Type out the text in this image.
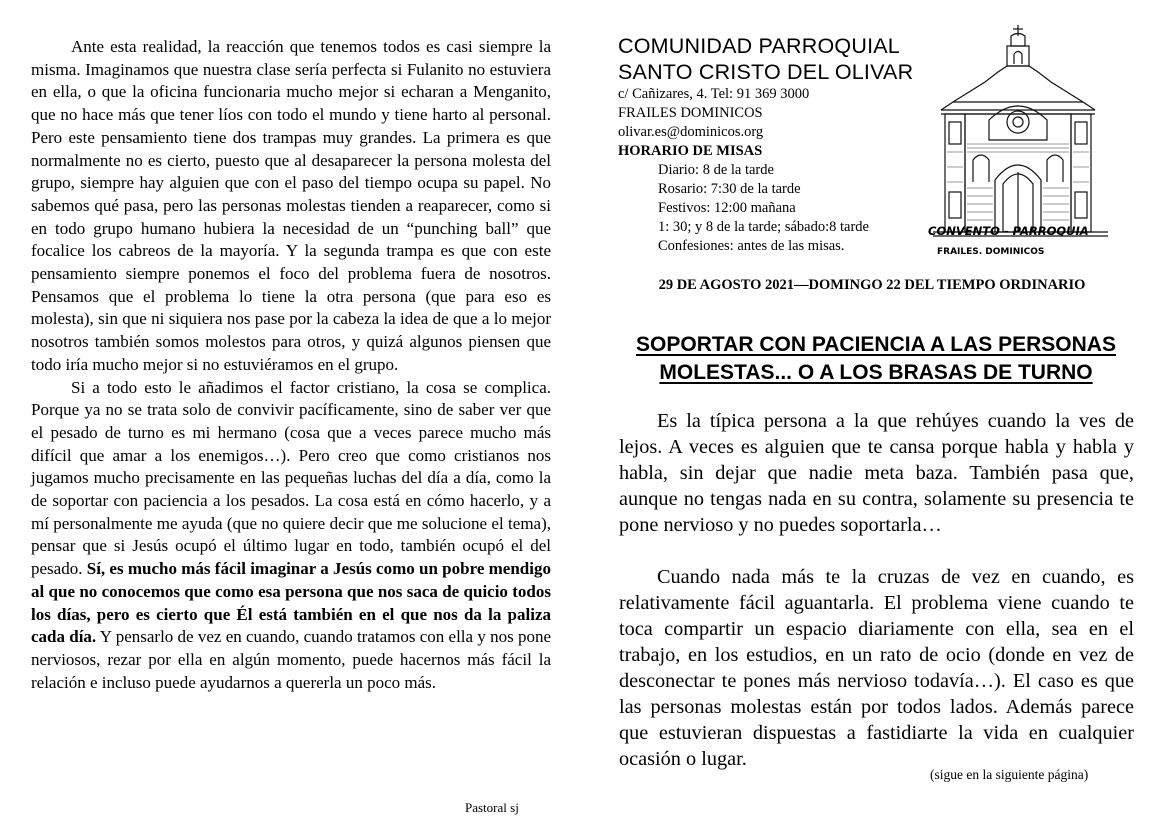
Ante esta realidad, la reacción que tenemos todos es casi siempre la misma. Imaginamos que nuestra clase sería perfecta si Fulanito no estuviera en ella, o que la oficina funcionaria mucho mejor si echaran a Menganito, que no hace más que tener líos con todo el mundo y tiene harto al personal. Pero este pensamiento tiene dos trampas muy grandes. La primera es que normalmente no es cierto, puesto que al desaparecer la persona molesta del grupo, siempre hay alguien que con el paso del tiempo ocupa su papel. No sabemos qué pasa, pero las personas molestas tienden a reaparecer, como si en todo grupo humano hubiera la necesidad de un “punching ball” que focalice los cabreos de la mayoría. Y la segunda trampa es que con este pensamiento siempre ponemos el foco del problema fuera de nosotros. Pensamos que el problema lo tiene la otra persona (que para eso es molesta), sin que ni siquiera nos pase por la cabeza la idea de que a lo mejor nosotros también somos molestos para otros, y quizá algunos piensen que todo iría mucho mejor si no estuviéramos en el grupo.

Si a todo esto le añadimos el factor cristiano, la cosa se complica. Porque ya no se trata solo de convivir pacíficamente, sino de saber ver que el pesado de turno es mi hermano (cosa que a veces parece mucho más difícil que amar a los enemigos…). Pero creo que como cristianos nos jugamos mucho precisamente en las pequeñas luchas del día a día, como la de soportar con paciencia a los pesados. La cosa está en cómo hacerlo, y a mí personalmente me ayuda (que no quiere decir que me solucione el tema), pensar que si Jesús ocupó el último lugar en todo, también ocupó el del pesado. Sí, es mucho más fácil imaginar a Jesús como un pobre mendigo al que no conocemos que como esa persona que nos saca de quicio todos los días, pero es cierto que Él está también en el que nos da la paliza cada día. Y pensarlo de vez en cuando, cuando tratamos con ella y nos pone nerviosos, rezar por ella en algún momento, puede hacernos más fácil la relación e incluso puede ayudarnos a quererla un poco más.

Pastoral sj
COMUNIDAD PARROQUIAL
SANTO CRISTO DEL OLIVAR
c/ Cañizares, 4. Tel: 91 369 3000
FRAILES DOMINICOS
olivar.es@dominicos.org
HORARIO DE MISAS
Diario: 8 de la tarde
Rosario: 7:30 de la tarde
Festivos: 12:00 mañana
1: 30; y 8 de la tarde; sábado:8 tarde
Confesiones: antes de las misas.
CONVENTO - PARROQUIA
FRAILES. DOMINICOS
29 DE AGOSTO 2021—DOMINGO 22 DEL TIEMPO ORDINARIO
SOPORTAR CON PACIENCIA A LAS PERSONAS
MOLESTAS... O A LOS BRASAS DE TURNO

Es la típica persona a la que rehúyes cuando la ves de lejos. A veces es alguien que te cansa porque habla y habla y habla, sin dejar que nadie meta baza. También pasa que, aunque no tengas nada en su contra, solamente su presencia te pone nervioso y no puedes soportarla…

Cuando nada más te la cruzas de vez en cuando, es relativamente fácil aguantarla. El problema viene cuando te toca compartir un espacio diariamente con ella, sea en el trabajo, en los estudios, en un rato de ocio (donde en vez de desconectar te pones más nervioso todavía…). El caso es que las personas molestas están por todos lados. Además parece que estuvieran dispuestas a fastidiarte la vida en cualquier ocasión o lugar.

(sigue en la siguiente página)
